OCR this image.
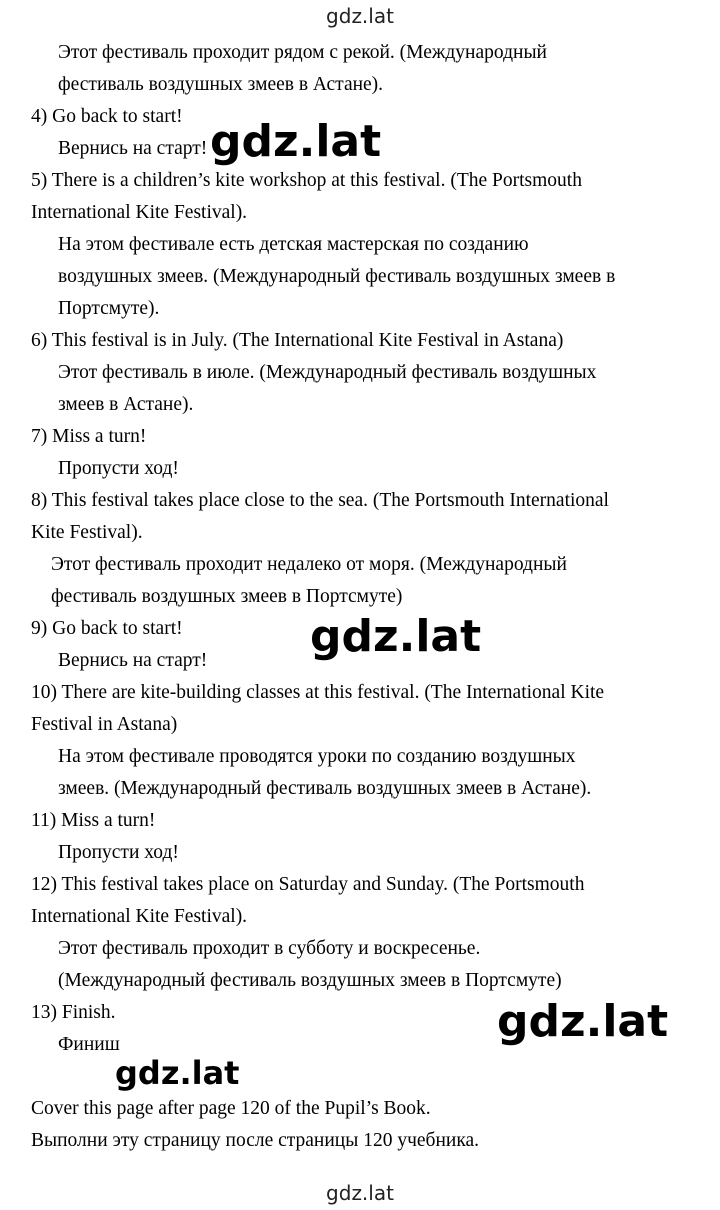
gdz.lat
Этот фестиваль проходит рядом с рекой. (Международный
фестиваль воздушных змеев в Астане).
4) Go back to start!
Вернись на старт!
5) There is a children’s kite workshop at this festival. (The Portsmouth
International Kite Festival).
На этом фестивале есть детская мастерская по созданию
воздушных змеев. (Международный фестиваль воздушных змеев в
Портсмуте).
6) This festival is in July. (The International Kite Festival in Astana)
Этот фестиваль в июле. (Международный фестиваль воздушных
змеев в Астане).
7) Miss a turn!
Пропусти ход!
8) This festival takes place close to the sea. (The Portsmouth International
Kite Festival).
Этот фестиваль проходит недалеко от моря. (Международный
фестиваль воздушных змеев в Портсмуте)
9) Go back to start!
Вернись на старт!
10) There are kite-building classes at this festival. (The International Kite
Festival in Astana)
На этом фестивале проводятся уроки по созданию воздушных
змеев. (Международный фестиваль воздушных змеев в Астане).
11) Miss a turn!
Пропусти ход!
12) This festival takes place on Saturday and Sunday. (The Portsmouth
International Kite Festival).
Этот фестиваль проходит в субботу и воскресенье.
(Международный фестиваль воздушных змеев в Портсмуте)
13) Finish.
Финиш
Cover this page after page 120 of the Pupil’s Book.
Выполни эту страницу после страницы 120 учебника.
gdz.lat
gdz.lat
gdz.lat
gdz.lat
gdz.lat
